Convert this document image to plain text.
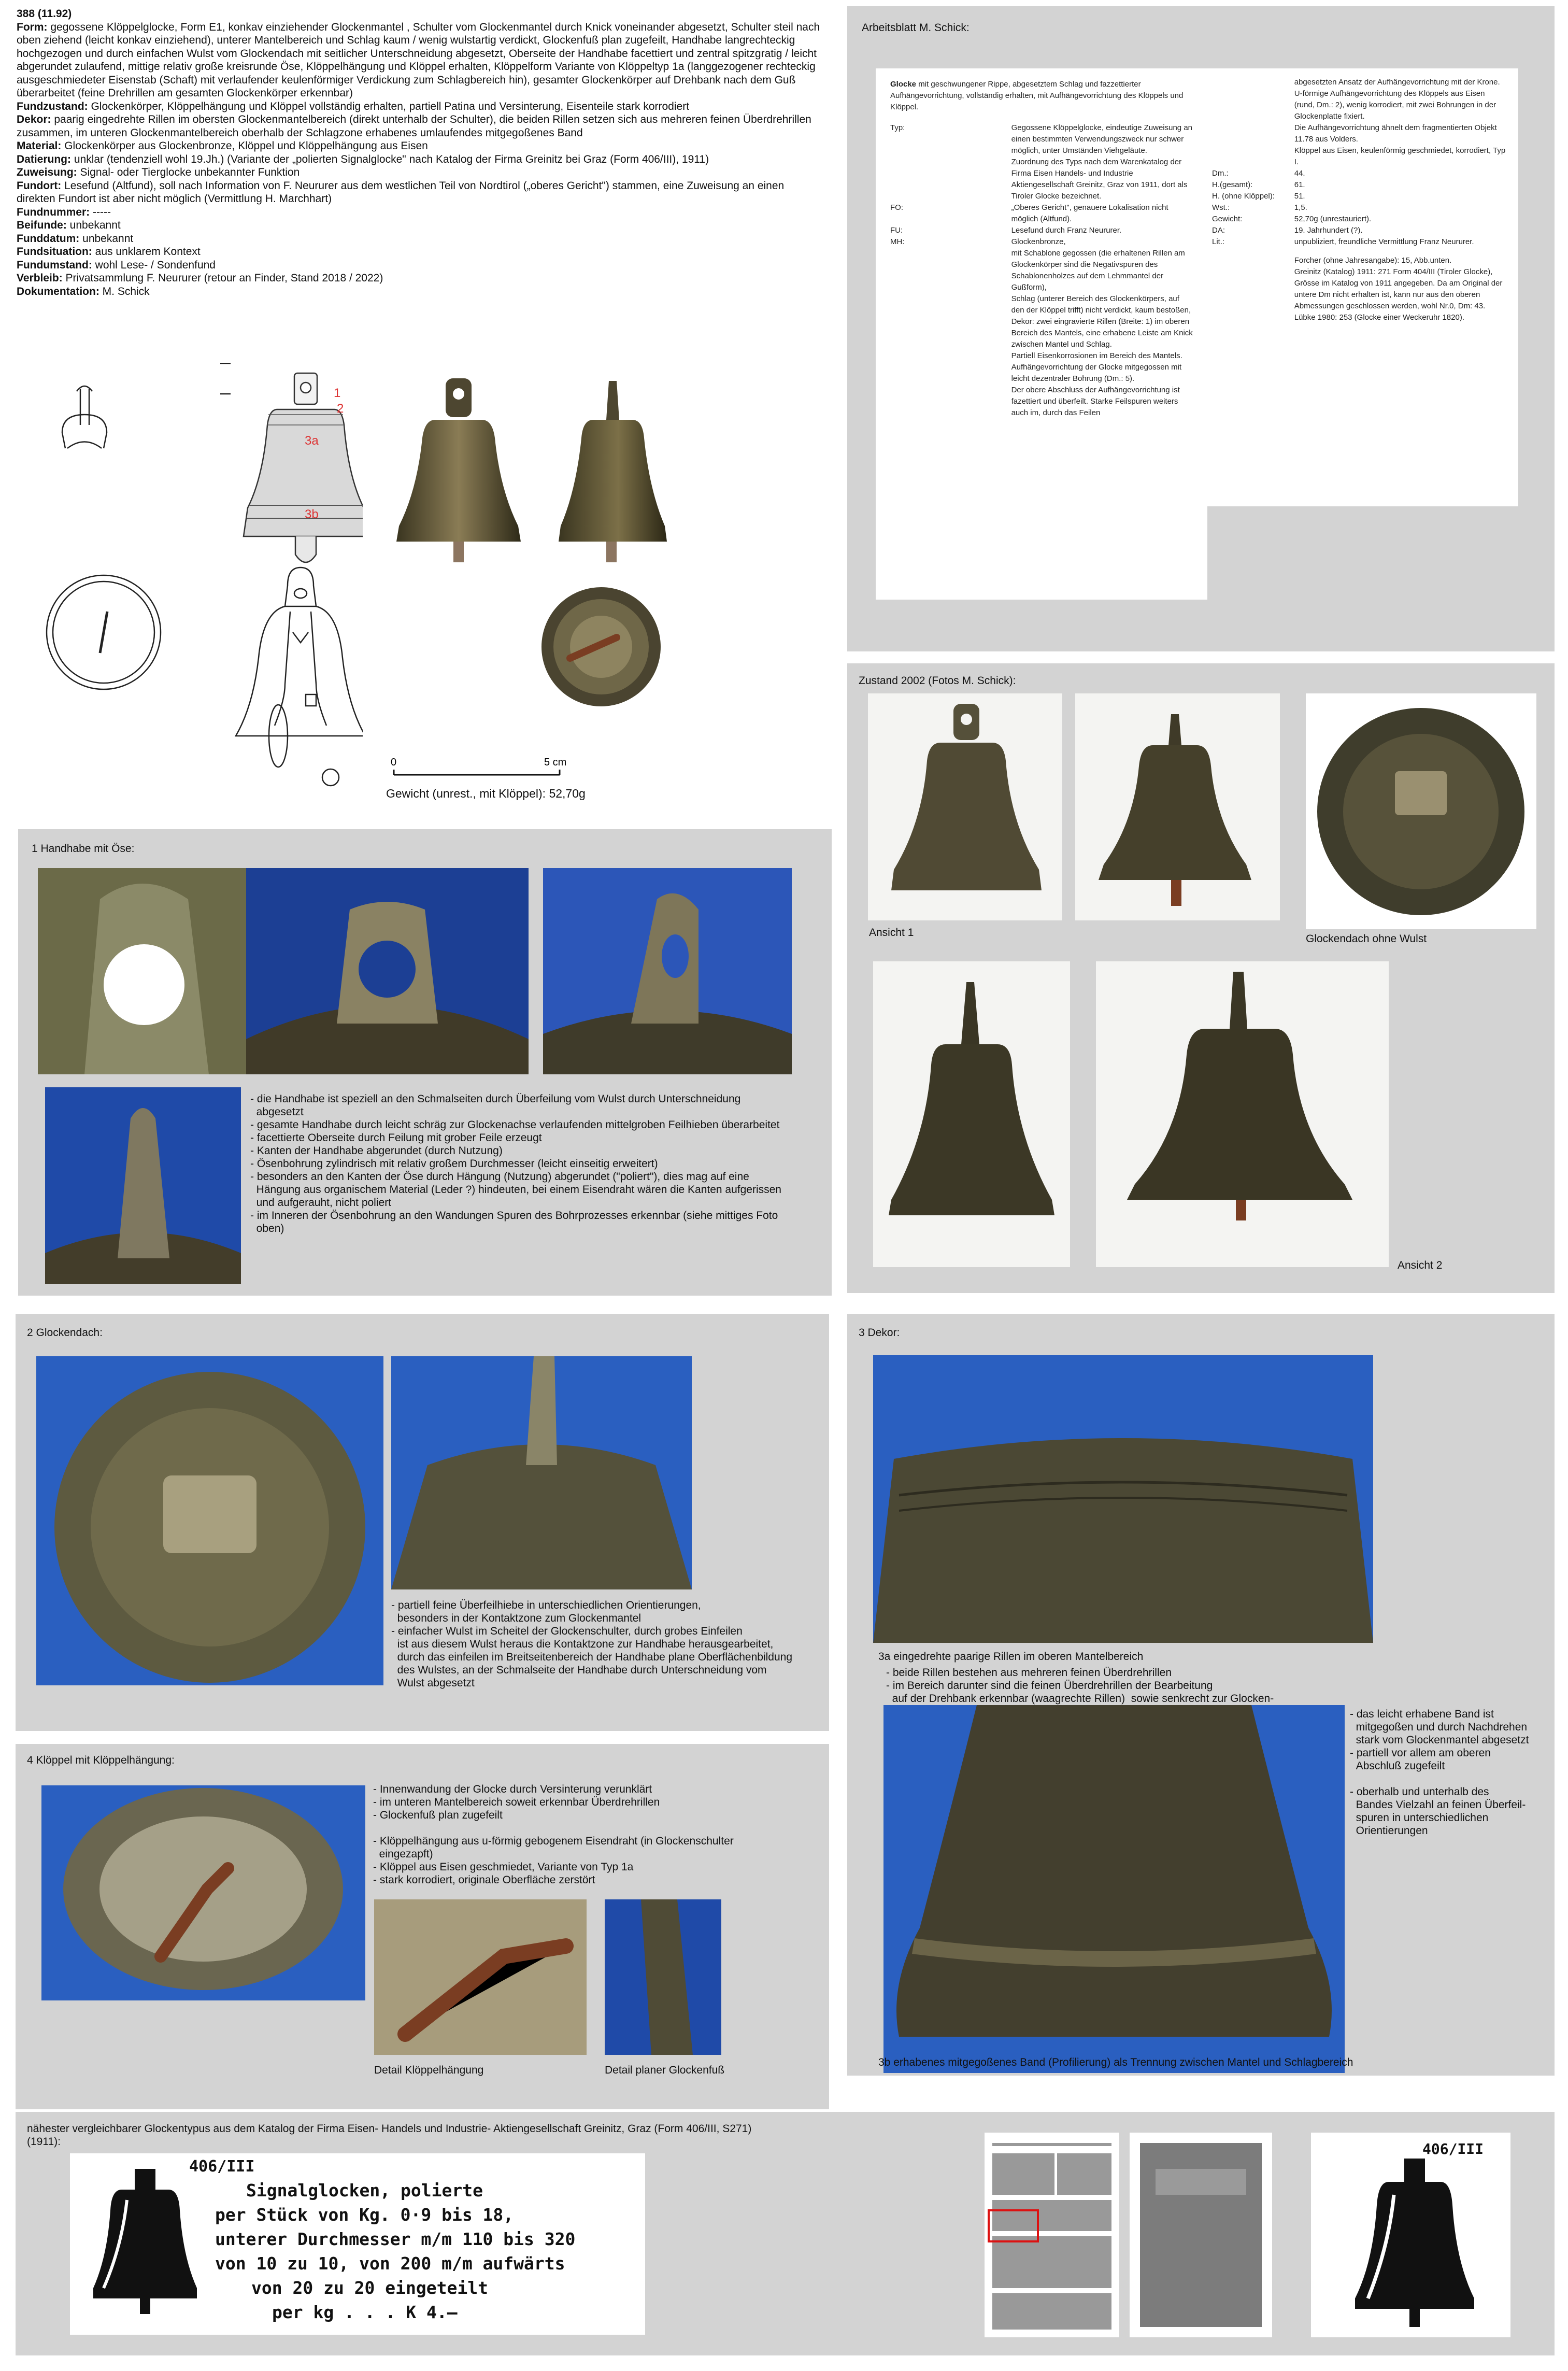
388 (11.92)
Form: gegossene Klöppelglocke, Form E1, konkav einziehender Glockenmantel , Schulter vom Glockenmantel durch Knick voneinander abgesetzt, Schulter steil nach oben ziehend (leicht konkav einziehend), unterer Mantelbereich und Schlag kaum / wenig wulstartig verdickt, Glockenfuß plan zugefeilt, Handhabe langrechteckig hochgezogen und durch einfachen Wulst vom Glockendach mit seitlicher Unterschneidung abgesetzt, Oberseite der Handhabe facettiert und zentral spitzgratig / leicht abgerundet zulaufend, mittige relativ große kreisrunde Öse, Klöppelhängung und Klöppel erhalten, Klöppelform Variante von Klöppeltyp 1a (langgezogener rechteckig ausgeschmiedeter Eisenstab (Schaft) mit verlaufender keulenförmiger Verdickung zum Schlagbereich hin), gesamter Glockenkörper auf Drehbank nach dem Guß überarbeitet (feine Drehrillen am gesamten Glockenkörper erkennbar)
Fundzustand: Glockenkörper, Klöppelhängung und Klöppel vollständig erhalten, partiell Patina und Versinterung, Eisenteile stark korrodiert
Dekor: paarig eingedrehte Rillen im obersten Glockenmantelbereich (direkt unterhalb der Schulter), die beiden Rillen setzen sich aus mehreren feinen Überdrehrillen zusammen, im unteren Glockenmantelbereich oberhalb der Schlagzone erhabenes umlaufendes mitgegoßenes Band
Material: Glockenkörper aus Glockenbronze, Klöppel und Klöppelhängung aus Eisen
Datierung: unklar (tendenziell wohl 19.Jh.) (Variante der „polierten Signalglocke" nach Katalog der Firma Greinitz bei Graz (Form 406/III), 1911)
Zuweisung: Signal- oder Tierglocke unbekannter Funktion
Fundort: Lesefund (Altfund), soll nach Information von F. Neururer aus dem westlichen Teil von Nordtirol („oberes Gericht") stammen, eine Zuweisung an einen direkten Fundort ist aber nicht möglich (Vermittlung H. Marchhart)
Fundnummer: -----
Beifunde: unbekannt
Funddatum: unbekannt
Fundsituation: aus unklarem Kontext
Fundumstand: wohl Lese- / Sondenfund
Verbleib: Privatsammlung F. Neururer (retour an Finder, Stand 2018 / 2022)
Dokumentation: M. Schick
1
2
3a
3b
0	5 cm
Gewicht (unrest., mit Klöppel): 52,70g
Arbeitsblatt M. Schick:
Glocke mit geschwungener Rippe, abgesetztem Schlag und fazzettierter Aufhängevorrichtung, vollständig erhalten, mit Aufhängevorrichtung des Klöppels und Klöppel.
Typ:	Gegossene Klöppelglocke, eindeutige Zuweisung an einen bestimmten Verwendungszweck nur schwer möglich, unter Umständen Viehgeläute.
Zuordnung des Typs nach dem Warenkatalog der Firma Eisen Handels- und Industrie Aktiengesellschaft Greinitz, Graz von 1911, dort als Tiroler Glocke bezeichnet.
FO:	„Oberes Gericht", genauere Lokalisation nicht möglich (Altfund).
FU:	Lesefund durch Franz Neururer.
MH:	Glockenbronze,
mit Schablone gegossen (die erhaltenen Rillen am Glockenkörper sind die Negativspuren des Schablonenholzes auf dem Lehmmantel der Gußform),
Schlag (unterer Bereich des Glockenkörpers, auf den der Klöppel trifft) nicht verdickt, kaum bestoßen, Dekor: zwei eingravierte Rillen (Breite: 1) im oberen Bereich des Mantels, eine erhabene Leiste am Knick zwischen Mantel und Schlag.
Partiell Eisenkorrosionen im Bereich des Mantels.
Aufhängevorrichtung der Glocke mitgegossen mit leicht dezentraler Bohrung (Dm.: 5).
Der obere Abschluss der Aufhängevorrichtung ist fazettiert und überfeilt. Starke Feilspuren weiters auch im, durch das Feilen
abgesetzten Ansatz der Aufhängevorrichtung mit der Krone.
U-förmige Aufhängevorrichtung des Klöppels aus Eisen (rund, Dm.: 2), wenig korrodiert, mit zwei Bohrungen in der Glockenplatte fixiert.
Die Aufhängevorrichtung ähnelt dem fragmentierten Objekt 11.78 aus Volders.
Klöppel aus Eisen, keulenförmig geschmiedet, korrodiert, Typ I.
Dm.:	44.
H.(gesamt):	61.
H. (ohne Klöppel):	51.
Wst.:	1,5.
Gewicht:	52,70g (unrestauriert).
DA:	19. Jahrhundert (?).
Lit.:	unpubliziert, freundliche Vermittlung Franz Neururer.
Forcher (ohne Jahresangabe): 15, Abb.unten.
Greinitz (Katalog) 1911: 271 Form 404/III (Tiroler Glocke), Grösse im Katalog von 1911 angegeben. Da am Original der untere Dm nicht erhalten ist, kann nur aus den oberen Abmessungen geschlossen werden, wohl Nr.0, Dm: 43.
Lübke 1980: 253 (Glocke einer Weckeruhr 1820).
Zustand 2002 (Fotos M. Schick):
Ansicht 1
Glockendach ohne Wulst
Ansicht 2
1 Handhabe mit Öse:
- die Handhabe ist speziell an den Schmalseiten durch Überfeilung vom Wulst durch Unterschneidung
abgesetzt
- gesamte Handhabe durch leicht schräg zur Glockenachse verlaufenden mittelgroben Feilhieben überarbeitet
- facettierte Oberseite durch Feilung mit grober Feile erzeugt
- Kanten der Handhabe abgerundet (durch Nutzung)
- Ösenbohrung zylindrisch mit relativ großem Durchmesser (leicht einseitig erweitert)
- besonders an den Kanten der Öse durch Hängung (Nutzung) abgerundet ("poliert"), dies mag auf eine
Hängung aus organischem Material (Leder ?) hindeuten, bei einem Eisendraht wären die Kanten aufgerissen
und aufgerauht, nicht poliert
- im Inneren der Ösenbohrung an den Wandungen Spuren des Bohrprozesses erkennbar (siehe mittiges Foto
oben)
2 Glockendach:
- partiell feine Überfeilhiebe in unterschiedlichen Orientierungen,
besonders in der Kontaktzone zum Glockenmantel
- einfacher Wulst im Scheitel der Glockenschulter, durch grobes Einfeilen
ist aus diesem Wulst heraus die Kontaktzone zur Handhabe herausgearbeitet,
durch das einfeilen im Breitseitenbereich der Handhabe plane Oberflächenbildung
des Wulstes, an der Schmalseite der Handhabe durch Unterschneidung vom
Wulst abgesetzt
3 Dekor:
3a eingedrehte paarige Rillen im oberen Mantelbereich
- beide Rillen bestehen aus mehreren feinen Überdrehrillen
- im Bereich darunter sind die feinen Überdrehrillen der Bearbeitung
auf der Drehbank erkennbar (waagrechte Rillen)  sowie senkrecht zur Glocken-

- das leicht erhabene Band ist
mitgegoßen und durch Nachdrehen
stark vom Glockenmantel abgesetzt
- partiell vor allem am oberen
Abschluß zugefeilt

- oberhalb und unterhalb des
Bandes Vielzahl an feinen Überfeil-
spuren in unterschiedlichen
Orientierungen
3b erhabenes mitgegoßenes Band (Profilierung) als Trennung zwischen Mantel und Schlagbereich
4 Klöppel mit Klöppelhängung:
- Innenwandung der Glocke durch Versinterung verunklärt
- im unteren Mantelbereich soweit erkennbar Überdrehrillen
- Glockenfuß plan zugefeilt

- Klöppelhängung aus u-förmig gebogenem Eisendraht (in Glockenschulter
eingezapft)
- Klöppel aus Eisen geschmiedet, Variante von Typ 1a
- stark korrodiert, originale Oberfläche zerstört
Detail Klöppelhängung	Detail planer Glockenfuß
nähester vergleichbarer Glockentypus aus dem Katalog der Firma Eisen- Handels und Industrie- Aktiengesellschaft Greinitz, Graz (Form 406/III, S271)
(1911):
406/III
Signalglocken, polierte
per Stück von Kg. 0·9 bis 18,
unterer Durchmesser m/m 110 bis 320
von 10 zu 10, von 200 m/m aufwärts
von 20 zu 20 eingeteilt
per kg . . . K 4.—
406/III
